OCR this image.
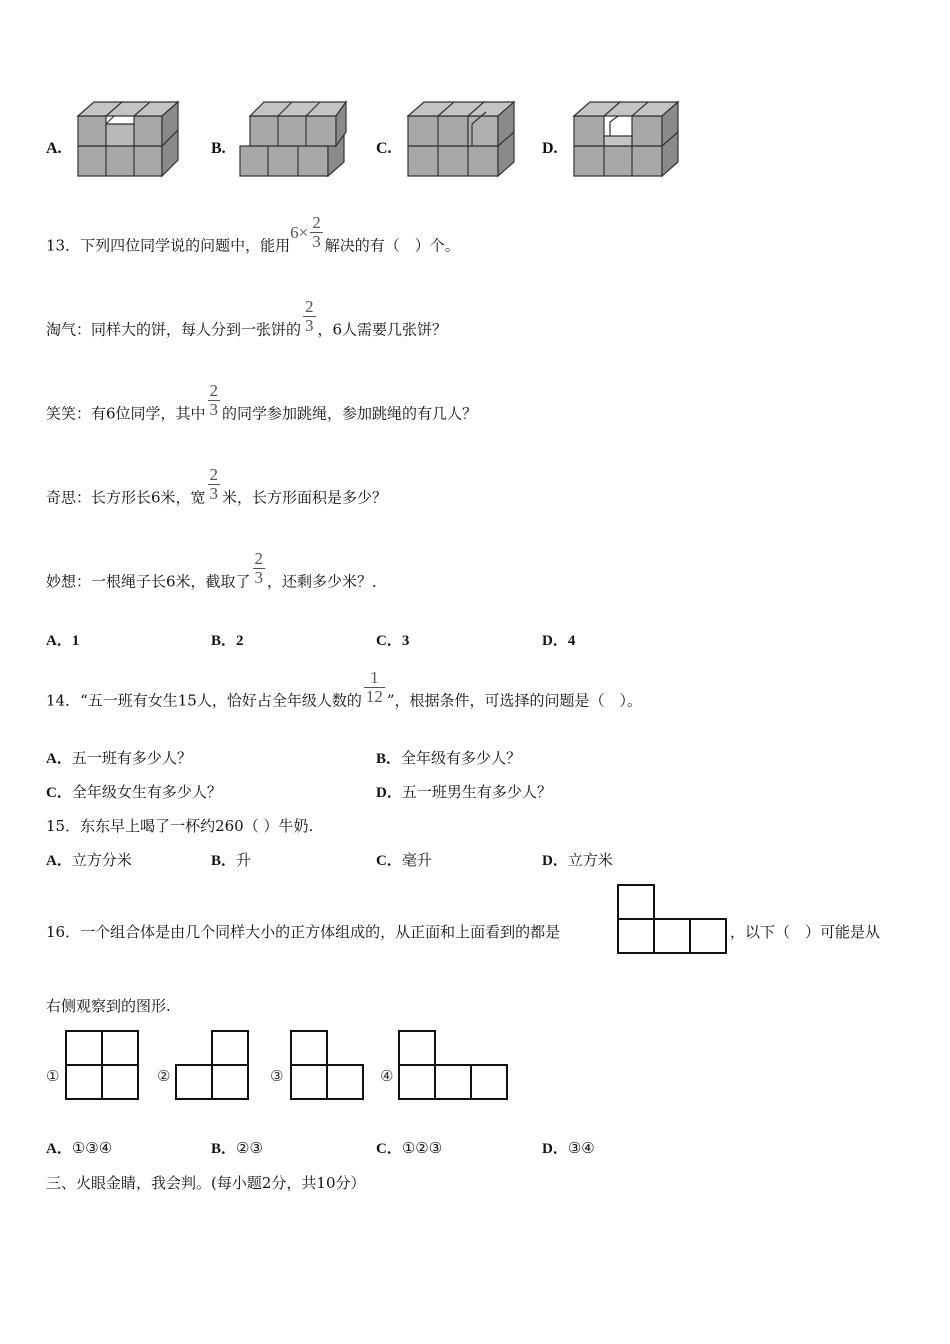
A.	B.	C.	D.
13．下列四位同学说的问题中，能用$6\times \frac{2}{3}$ 解决的有（　）个。
淘气：同样大的饼，每人分到一张饼的 $\frac{2}{3}$ ，6人需要几张饼？
笑笑：有6位同学，其中 $\frac{2}{3}$ 的同学参加跳绳，参加跳绳的有几人？
奇思：长方形长6米，宽 $\frac{2}{3}$ 米，长方形面积是多少？
妙想：一根绳子长6米，截取了 $\frac{2}{3}$ ，还剩多少米？．
A．1	B．2	C．3	D．4
14．“五一班有女生15人，恰好占全年级人数的 $\frac{1}{12}$ ”，根据条件，可选择的问题是（　）。
A．五一班有多少人？	B．全年级有多少人？
C．全年级女生有多少人？	D．五一班男生有多少人？
15．东东早上喝了一杯约260（ ）牛奶.
A．立方分米	B．升	C．毫升	D．立方米
16．一个组合体是由几个同样大小的正方体组成的，从正面和上面看到的都是	，以下（　）可能是从
右侧观察到的图形.
①	②	③	④
A．①③④	B．②③	C．①②③	D．③④
三、火眼金睛，我会判。(每小题2分，共10分）
